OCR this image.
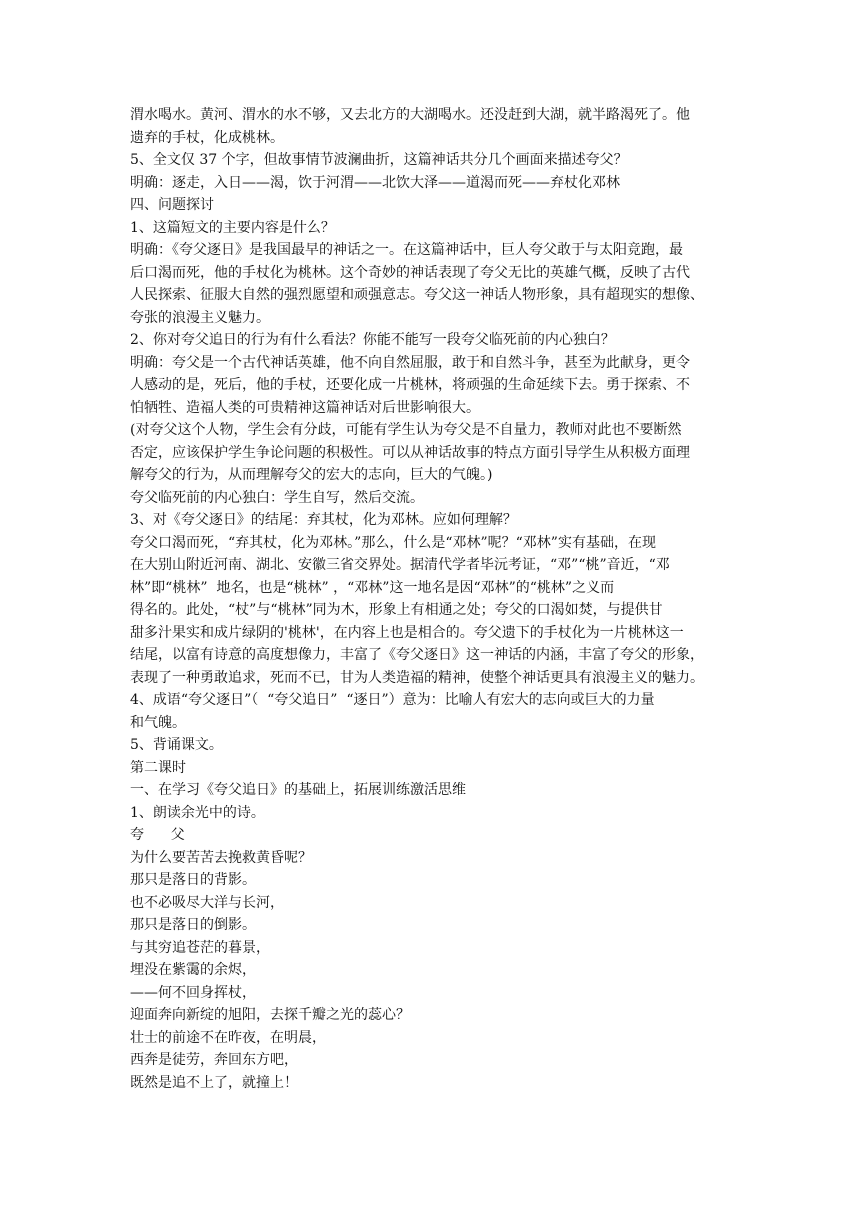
渭水喝水。黄河、渭水的水不够，又去北方的大湖喝水。还没赶到大湖，就半路渴死了。他
遗弃的手杖，化成桃林。
5、全文仅 37 个字，但故事情节波澜曲折，这篇神话共分几个画面来描述夸父？
明确：逐走，入日——渴，饮于河渭——北饮大泽——道渴而死——弃杖化邓林
四、问题探讨
1、这篇短文的主要内容是什么？
明确：《夸父逐日》是我国最早的神话之一。在这篇神话中，巨人夸父敢于与太阳竞跑，最
后口渴而死，他的手杖化为桃林。这个奇妙的神话表现了夸父无比的英雄气概，反映了古代
人民探索、征服大自然的强烈愿望和顽强意志。夸父这一神话人物形象，具有超现实的想像、
夸张的浪漫主义魅力。
2、你对夸父追日的行为有什么看法？你能不能写一段夸父临死前的内心独白？
明确：夸父是一个古代神话英雄，他不向自然屈服，敢于和自然斗争，甚至为此献身，更令
人感动的是，死后，他的手杖，还要化成一片桃林，将顽强的生命延续下去。勇于探索、不
怕牺牲、造福人类的可贵精神这篇神话对后世影响很大。
(对夸父这个人物，学生会有分歧，可能有学生认为夸父是不自量力，教师对此也不要断然
否定，应该保护学生争论问题的积极性。可以从神话故事的特点方面引导学生从积极方面理
解夸父的行为，从而理解夸父的宏大的志向，巨大的气魄。)
夸父临死前的内心独白：学生自写，然后交流。
3、对《夸父逐日》的结尾：弃其杖，化为邓林。应如何理解？
夸父口渴而死，“弃其杖，化为邓林。”那么，什么是“邓林”呢？“邓林”实有基础，在现
在大别山附近河南、湖北、安徽三省交界处。据清代学者毕沅考证，“邓”“桃”音近，“邓
林”即“桃林”  地名，也是“桃林” ，“邓林”这一地名是因“邓林”的“桃林”之义而
得名的。此处，“杖”与“桃林”同为木，形象上有相通之处；夸父的口渴如焚，与提供甘
甜多汁果实和成片绿阴的'桃林'，在内容上也是相合的。夸父遗下的手杖化为一片桃林这一
结尾，以富有诗意的高度想像力，丰富了《夸父逐日》这一神话的内涵，丰富了夸父的形象，
表现了一种勇敢追求，死而不已，甘为人类造福的精神，使整个神话更具有浪漫主义的魅力。
4、成语“夸父逐日”（  “夸父追日”  “逐日”）意为：比喻人有宏大的志向或巨大的力量
和气魄。
5、背诵课文。
第二课时
一、在学习《夸父追日》的基础上，拓展训练激活思维
1、朗读余光中的诗。
夸      父
为什么要苦苦去挽救黄昏呢？
那只是落日的背影。
也不必吸尽大洋与长河，
那只是落日的倒影。
与其穷追苍茫的暮景，
埋没在紫霭的余烬，
——何不回身挥杖，
迎面奔向新绽的旭阳，去探千瓣之光的蕊心？
壮士的前途不在昨夜，在明晨，
西奔是徒劳，奔回东方吧，
既然是追不上了，就撞上！
